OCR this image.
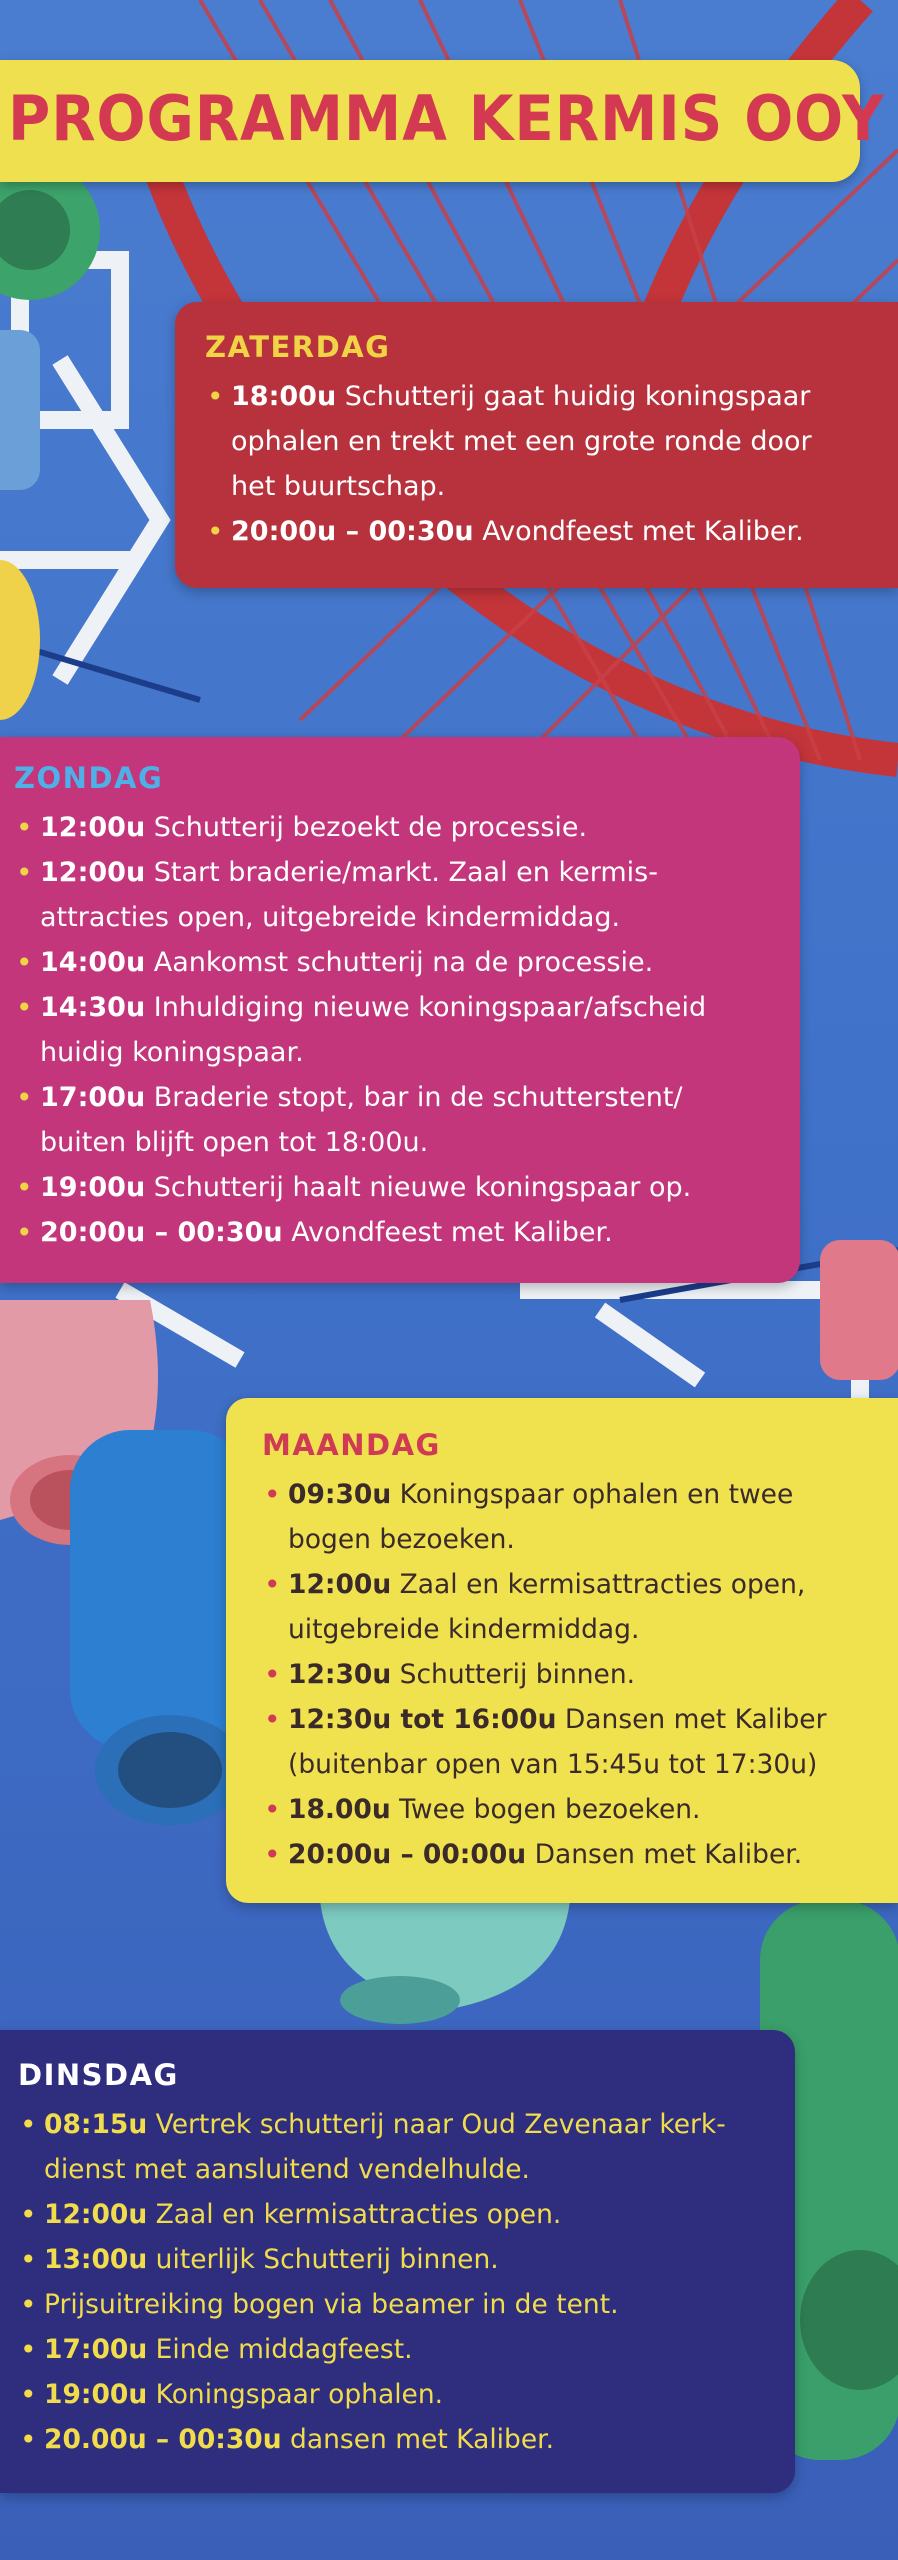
PROGRAMMA KERMIS OOY
ZATERDAG
• 18:00u Schutterij gaat huidig koningspaar
ophalen en trekt met een grote ronde door
het buurtschap.
• 20:00u – 00:30u Avondfeest met Kaliber.
ZONDAG
• 12:00u Schutterij bezoekt de processie.
• 12:00u Start braderie/markt. Zaal en kermis-
attracties open, uitgebreide kindermiddag.
• 14:00u Aankomst schutterij na de processie.
• 14:30u Inhuldiging nieuwe koningspaar/afscheid
huidig koningspaar.
• 17:00u Braderie stopt, bar in de schutterstent/
buiten blijft open tot 18:00u.
• 19:00u Schutterij haalt nieuwe koningspaar op.
• 20:00u – 00:30u Avondfeest met Kaliber.
MAANDAG
• 09:30u Koningspaar ophalen en twee
bogen bezoeken.
• 12:00u Zaal en kermisattracties open,
uitgebreide kindermiddag.
• 12:30u Schutterij binnen.
• 12:30u tot 16:00u Dansen met Kaliber
(buitenbar open van 15:45u tot 17:30u)
• 18.00u Twee bogen bezoeken.
• 20:00u – 00:00u Dansen met Kaliber.
DINSDAG
• 08:15u Vertrek schutterij naar Oud Zevenaar kerk-
dienst met aansluitend vendelhulde.
• 12:00u Zaal en kermisattracties open.
• 13:00u uiterlijk Schutterij binnen.
• Prijsuitreiking bogen via beamer in de tent.
• 17:00u Einde middagfeest.
• 19:00u Koningspaar ophalen.
• 20.00u – 00:30u dansen met Kaliber.
